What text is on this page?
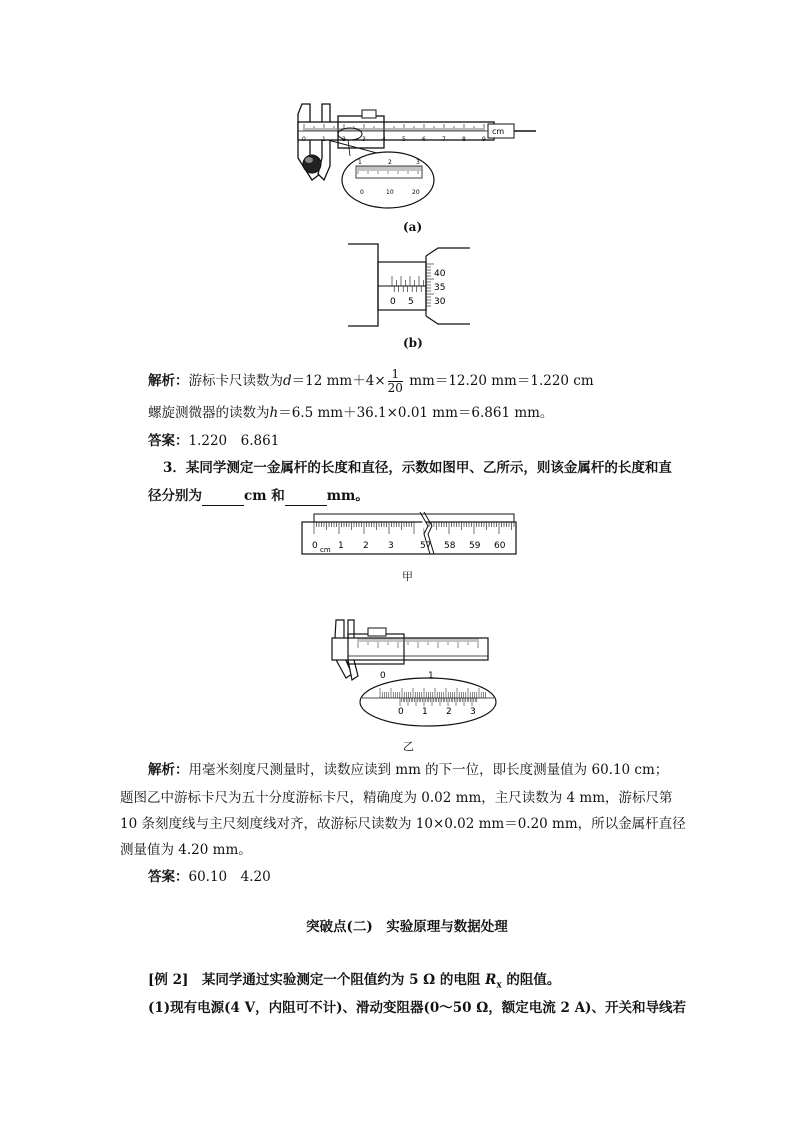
0	1	2	3	4	5	6	7	8	9
cm
1	2	3
0	10	20
(a)
0 5
40
35
30
(b)
解析：游标卡尺读数为d＝12 $mm+4\times \frac{1}{20} mm=12.20$ mm＝1.220 cm
螺旋测微器的读数为h＝6.5 mm＋36.1×0.01 mm＝6.861 mm。
答案：1.220　6.861
3．某同学测定一金属杆的长度和直径，示数如图甲、乙所示，则该金属杆的长度和直
径分别为	cm 和	mm。
0 cm 1 2 3	57 58 59 60
甲
0	1
0 1 2 3
乙
解析：用毫米刻度尺测量时，读数应读到 mm 的下一位，即长度测量值为 60.10 cm；
题图乙中游标卡尺为五十分度游标卡尺，精确度为 0.02 mm，主尺读数为 4 mm，游标尺第
10 条刻度线与主尺刻度线对齐，故游标尺读数为 10×0.02 mm＝0.20 mm，所以金属杆直径
测量值为 4.20 mm。
答案：60.10　4.20
突破点(二)　实验原理与数据处理
[例 2]　 某同学通过实验测定一个阻值约为 5 Ω 的电阻 $R_x$ 的阻值。
(1)现有电源(4 V，内阻可不计)、滑动变阻器(0～50 Ω，额定电流 2 A)、开关和导线若
